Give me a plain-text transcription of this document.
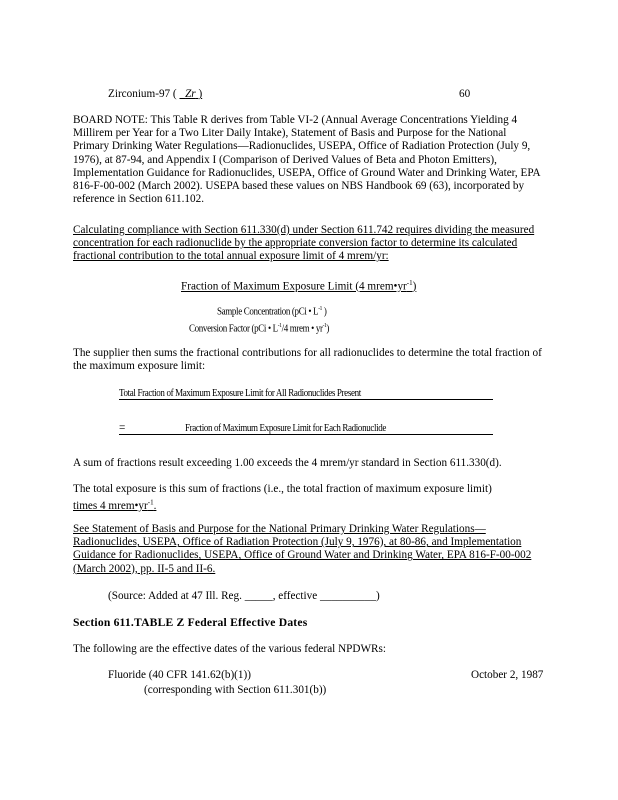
Zirconium-97 ( Zr )	60
BOARD NOTE: This Table R derives from Table VI-2 (Annual Average Concentrations Yielding 4 Millirem per Year for a Two Liter Daily Intake), Statement of Basis and Purpose for the National Primary Drinking Water Regulations—Radionuclides, USEPA, Office of Radiation Protection (July 9, 1976), at 87-94, and Appendix I (Comparison of Derived Values of Beta and Photon Emitters), Implementation Guidance for Radionuclides, USEPA, Office of Ground Water and Drinking Water, EPA 816-F-00-002 (March 2002). USEPA based these values on NBS Handbook 69 (63), incorporated by reference in Section 611.102.
Calculating compliance with Section 611.330(d) under Section 611.742 requires dividing the measured concentration for each radionuclide by the appropriate conversion factor to determine its calculated fractional contribution to the total annual exposure limit of 4 mrem/yr:
Fraction of Maximum Exposure Limit (4 $mrem•yr^{-1}$)
Sample Concentration (pCi • $L^{-1}$ )
Conversion Factor (pCi • $L^{-1}/4$ mrem • $yr^{-1}$)
The supplier then sums the fractional contributions for all radionuclides to determine the total fraction of the maximum exposure limit:
Total Fraction of Maximum Exposure Limit for All Radionuclides Present
=	Fraction of Maximum Exposure Limit for Each Radionuclide
A sum of fractions result exceeding 1.00 exceeds the 4 mrem/yr standard in Section 611.330(d).
The total exposure is this sum of fractions (i.e., the total fraction of maximum exposure limit)
times 4 $mrem•yr^{-1}$.
See Statement of Basis and Purpose for the National Primary Drinking Water Regulations— Radionuclides, USEPA, Office of Radiation Protection (July 9, 1976), at 80-86, and Implementation Guidance for Radionuclides, USEPA, Office of Ground Water and Drinking Water, EPA 816-F-00-002 (March 2002), pp. II-5 and II-6.
(Source: Added at 47 Ill. Reg. _____, effective __________)
Section 611.TABLE Z Federal Effective Dates
The following are the effective dates of the various federal NPDWRs:
Fluoride (40 CFR 141.62(b)(1))	October 2, 1987
(corresponding with Section 611.301(b))
